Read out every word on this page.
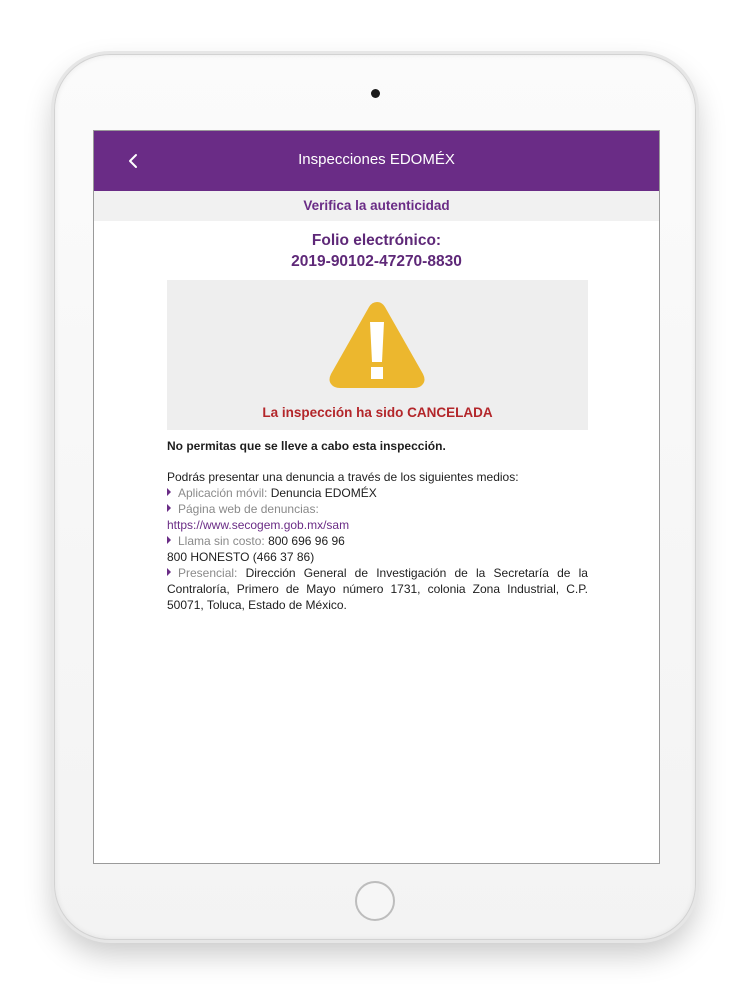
Inspecciones EDOMÉX
Verifica la autenticidad
Folio electrónico:
2019-90102-47270-8830
La inspección ha sido CANCELADA
No permitas que se lleve a cabo esta inspección.
Podrás presentar una denuncia a través de los siguientes medios:
Aplicación móvil: Denuncia EDOMÉX
Página web de denuncias:
https://www.secogem.gob.mx/sam
Llama sin costo: 800 696 96 96
800 HONESTO (466 37 86)
Presencial: Dirección General de Investigación de la Secretaría de la Contraloría, Primero de Mayo número 1731, colonia Zona Industrial, C.P. 50071, Toluca, Estado de México.
